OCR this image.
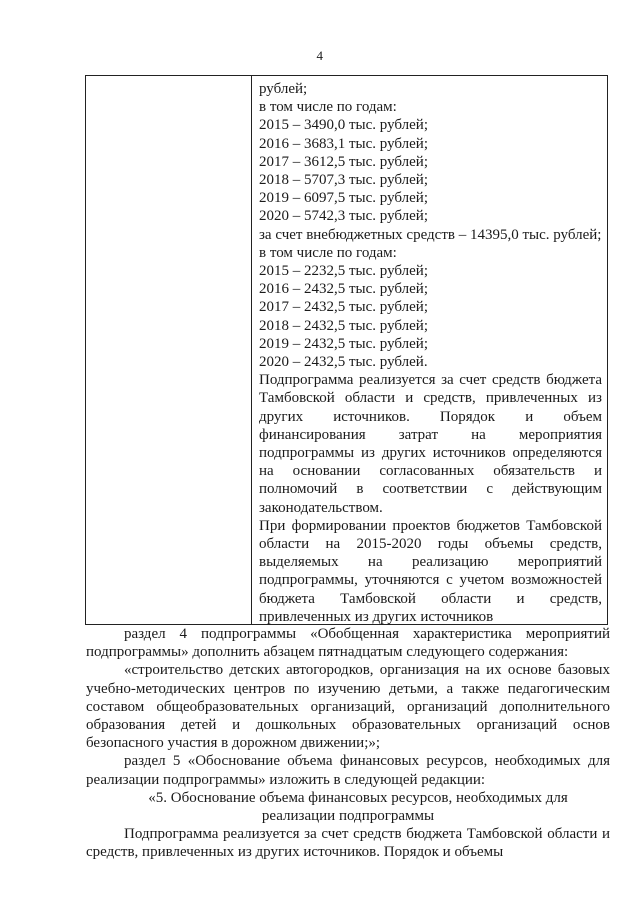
4
рублей;
в том числе по годам:
2015 – 3490,0 тыс. рублей;
2016 – 3683,1 тыс. рублей;
2017 – 3612,5 тыс. рублей;
2018 – 5707,3 тыс. рублей;
2019 – 6097,5 тыс. рублей;
2020 – 5742,3 тыс. рублей;
за счет внебюджетных средств – 14395,0 тыс. рублей;
в том числе по годам:
2015 – 2232,5 тыс. рублей;
2016 – 2432,5 тыс. рублей;
2017 – 2432,5 тыс. рублей;
2018 – 2432,5 тыс. рублей;
2019 – 2432,5 тыс. рублей;
2020 – 2432,5 тыс. рублей.
Подпрограмма реализуется за счет средств бюджета Тамбовской области и средств, привлеченных из других источников. Порядок и объем финансирования затрат на мероприятия подпрограммы из других источников определяются на основании согласованных обязательств и полномочий в соответствии с действующим законодательством.
При формировании проектов бюджетов Тамбовской области на 2015-2020 годы объемы средств, выделяемых на реализацию мероприятий подпрограммы, уточняются с учетом возможностей бюджета Тамбовской области и средств, привлеченных из других источников

раздел 4 подпрограммы «Обобщенная характеристика мероприятий подпрограммы» дополнить абзацем пятнадцатым следующего содержания:

«строительство детских автогородков, организация на их основе базовых учебно-методических центров по изучению детьми, а также педагогическим составом общеобразовательных организаций, организаций дополнительного образования детей и дошкольных образовательных организаций основ безопасного участия в дорожном движении;»;

раздел 5 «Обоснование объема финансовых ресурсов, необходимых для реализации подпрограммы» изложить в следующей редакции:

«5. Обоснование объема финансовых ресурсов, необходимых для

реализации подпрограммы

Подпрограмма реализуется за счет средств бюджета Тамбовской области и средств, привлеченных из других источников. Порядок и объемы
